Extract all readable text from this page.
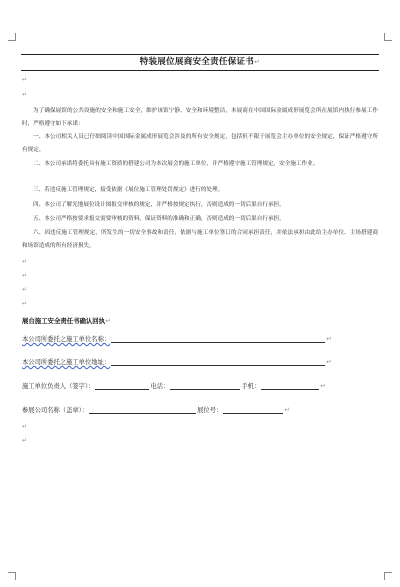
特装展位展商安全责任保证书↵
↵
↵
为了确保展馆的公共设施的安全和施工安全，维护该馆宁静、安全和环境整洁，本展商在中国国际金属成形展览会所在展馆内执行参展工作时，严格遵守如下承诺：
一、本公司相关人员已仔细阅读中国国际金属成形展览会涉及的所有安全规定，包括但不限于展览会主办单位的安全规定，保证严格遵守所有规定。
二、本公司承诺将委托具有施工资质的搭建公司为本次展会的施工单位，并严格遵守施工管理规定，安全施工作业。
三、若违反施工管理规定，接受依据《展位施工管理处罚规定》进行的处理。
四、本公司了解光地展位设计图报交审核的规定，并严格按规定执行，否则造成的一切后果自行承担。
五、本公司严格按要求报交需要审核的资料，保证资料的准确和正确，否则造成的一切后果自行承担。
六、因违反施工管理规定，所发生的一切安全事故和责任，依据与施工单位签订的合同承担责任，并依法承担由此给主办单位、主场搭建商和场馆造成的所有经济损失。
↵
↵
↵
↵
展台施工安全责任书确认回执↵
本公司所委托之施工单位名称：	↵
本公司所委托之施工单位地址：	↵
施工单位负责人（签字）：	电话：	手机：	↵
参展公司名称（盖章）：	展位号：	↵
↵
↵
